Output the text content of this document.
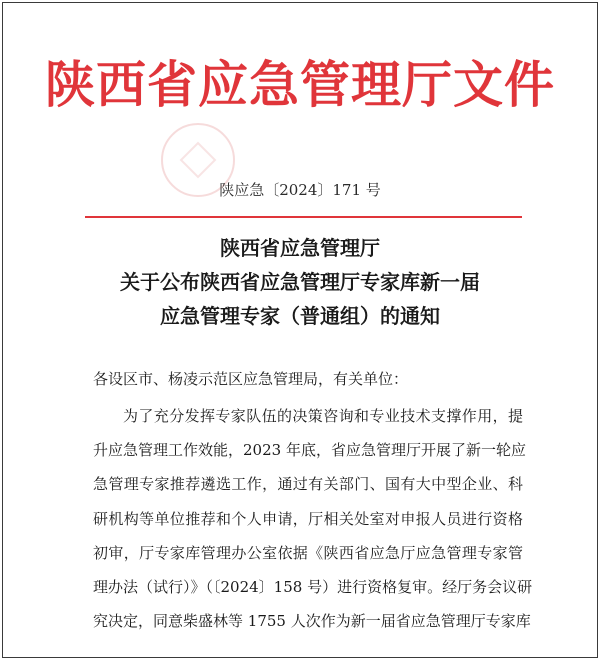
陕西省应急管理厅文件
陕应急〔2024〕171 号
陕西省应急管理厅
关于公布陕西省应急管理厅专家库新一届
应急管理专家（普通组）的通知
各设区市、杨凌示范区应急管理局，有关单位：
为了充分发挥专家队伍的决策咨询和专业技术支撑作用，提
升应急管理工作效能，2023 年底，省应急管理厅开展了新一轮应
急管理专家推荐遴选工作，通过有关部门、国有大中型企业、科
研机构等单位推荐和个人申请，厅相关处室对申报人员进行资格
初审，厅专家库管理办公室依据《陕西省应急厅应急管理专家管
理办法（试行）》（〔2024〕158 号）进行资格复审。经厅务会议研
究决定，同意柴盛林等 1755 人次作为新一届省应急管理厅专家库
